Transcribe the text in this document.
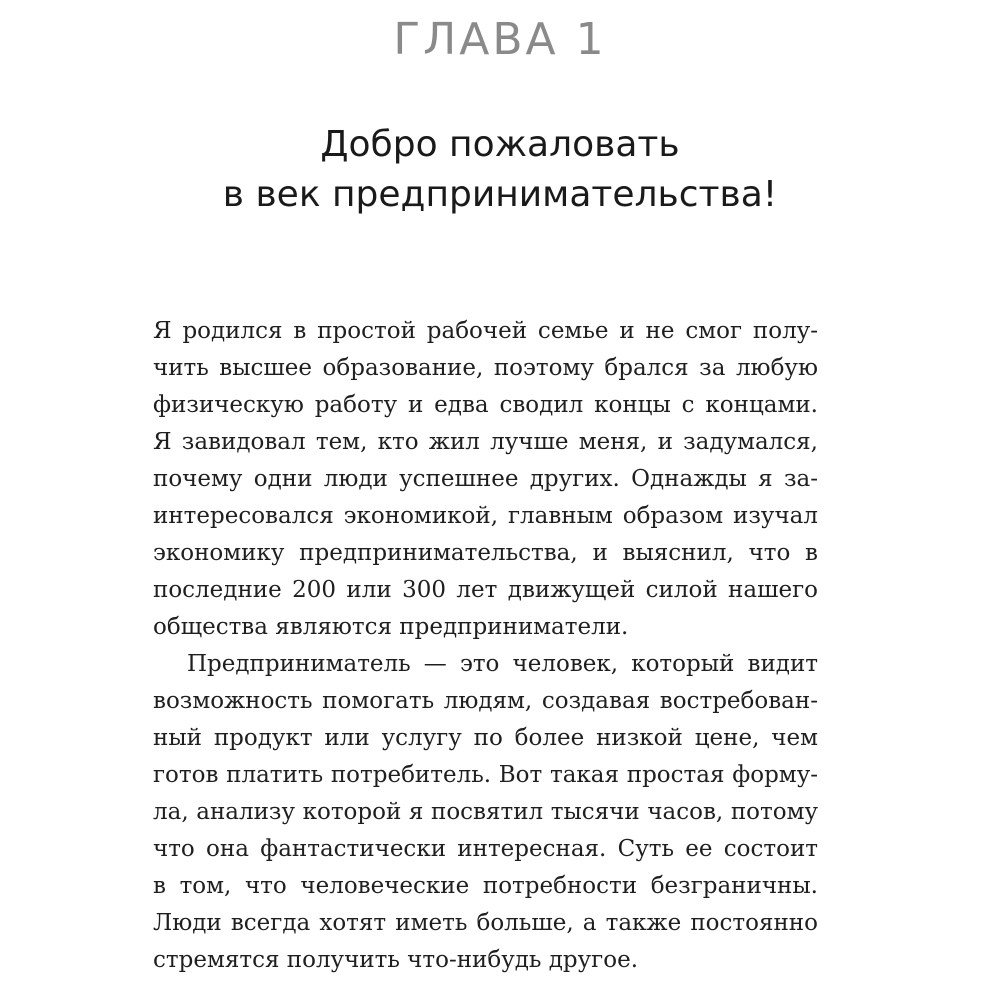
ГЛАВА 1
Добро пожаловать
в век предпринимательства!
Я родился в простой рабочей семье и не смог полу-
чить высшее образование, поэтому брался за любую
физическую работу и едва сводил концы с концами.
Я завидовал тем, кто жил лучше меня, и задумался,
почему одни люди успешнее других. Однажды я за-
интересовался экономикой, главным образом изучал
экономику предпринимательства, и выяснил, что в
последние 200 или 300 лет движущей силой нашего
общества являются предприниматели.
Предприниматель — это человек, который видит
возможность помогать людям, создавая востребован-
ный продукт или услугу по более низкой цене, чем
готов платить потребитель. Вот такая простая форму-
ла, анализу которой я посвятил тысячи часов, потому
что она фантастически интересная. Суть ее состоит
в том, что человеческие потребности безграничны.
Люди всегда хотят иметь больше, а также постоянно
стремятся получить что-нибудь другое.
